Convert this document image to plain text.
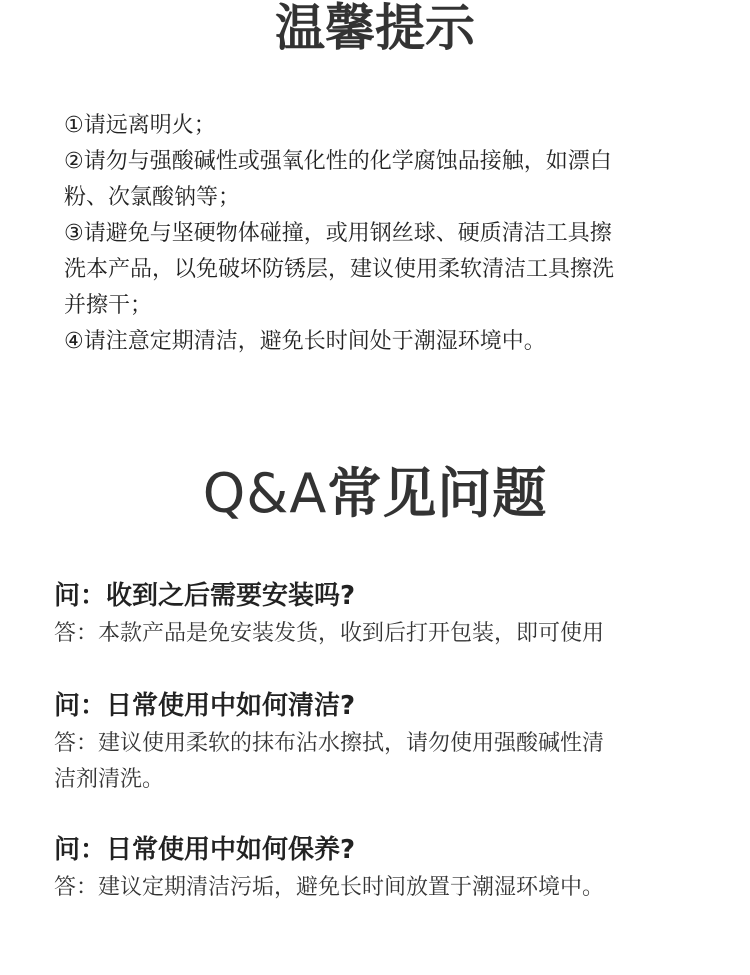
温馨提示
①请远离明火；
②请勿与强酸碱性或强氧化性的化学腐蚀品接触，如漂白
粉、次氯酸钠等；
③请避免与坚硬物体碰撞，或用钢丝球、硬质清洁工具擦
洗本产品，以免破坏防锈层，建议使用柔软清洁工具擦洗
并擦干；
④请注意定期清洁，避免长时间处于潮湿环境中。
Q&A常见问题
问：收到之后需要安装吗?
答：本款产品是免安装发货，收到后打开包装，即可使用
问：日常使用中如何清洁?
答：建议使用柔软的抹布沾水擦拭，请勿使用强酸碱性清
洁剂清洗。
问：日常使用中如何保养?
答：建议定期清洁污垢，避免长时间放置于潮湿环境中。
